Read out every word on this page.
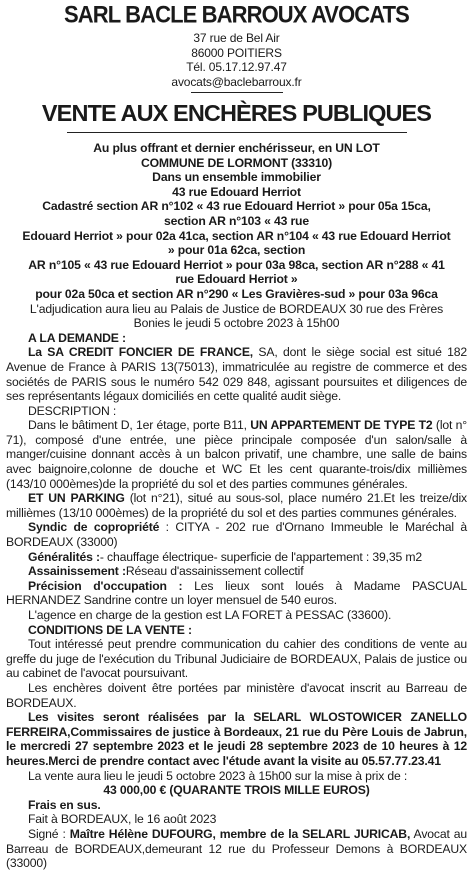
SARL BACLE BARROUX AVOCATS
37 rue de Bel Air
86000 POITIERS
Tél. 05.17.12.97.47
avocats@baclebarroux.fr
VENTE AUX ENCHÈRES PUBLIQUES
Au plus offrant et dernier enchérisseur, en UN LOT
COMMUNE DE LORMONT (33310)
Dans un ensemble immobilier
43 rue Edouard Herriot
Cadastré section AR n°102 « 43 rue Edouard Herriot » pour 05a 15ca,
section AR n°103 « 43 rue
Edouard Herriot » pour 02a 41ca, section AR n°104 « 43 rue Edouard Herriot
» pour 01a 62ca, section
AR n°105 « 43 rue Edouard Herriot » pour 03a 98ca, section AR n°288 « 41
rue Edouard Herriot »
pour 02a 50ca et section AR n°290 « Les Gravières-sud » pour 03a 96ca
L'adjudication aura lieu au Palais de Justice de BORDEAUX 30 rue des Frères
Bonies le jeudi 5 octobre 2023 à 15h00

A LA DEMANDE :

La SA CREDIT FONCIER DE FRANCE, SA, dont le siège social est situé 182 Avenue de France à PARIS 13(75013), immatriculée au registre de commerce et des sociétés de PARIS sous le numéro 542 029 848, agissant poursuites et diligences de ses représentants légaux domiciliés en cette qualité audit siège.

DESCRIPTION :

Dans le bâtiment D, 1er étage, porte B11, UN APPARTEMENT DE TYPE T2 (lot n° 71), composé d'une entrée, une pièce principale composée d'un salon/salle à manger/cuisine donnant accès à un balcon privatif, une chambre, une salle de bains avec baignoire,colonne de douche et WC Et les cent quarante-trois/dix millièmes (143/10 000èmes)de la propriété du sol et des parties communes générales.

ET UN PARKING (lot n°21), situé au sous-sol, place numéro 21.Et les treize/dix millièmes (13/10 000èmes) de la propriété du sol et des parties communes générales.

Syndic de copropriété : CITYA - 202 rue d'Ornano Immeuble le Maréchal à BORDEAUX (33000)

Généralités :- chauffage électrique- superficie de l'appartement : 39,35 m2

Assainissement :Réseau d'assainissement collectif

Précision d'occupation : Les lieux sont loués à Madame PASCUAL HERNANDEZ Sandrine contre un loyer mensuel de 540 euros.

L'agence en charge de la gestion est LA FORET à PESSAC (33600).

CONDITIONS DE LA VENTE :

Tout intéressé peut prendre communication du cahier des conditions de vente au greffe du juge de l'exécution du Tribunal Judiciaire de BORDEAUX, Palais de justice ou au cabinet de l'avocat poursuivant.

Les enchères doivent être portées par ministère d'avocat inscrit au Barreau de BORDEAUX.

Les visites seront réalisées par la SELARL WLOSTOWICER ZANELLO FERREIRA,Commissaires de justice à Bordeaux, 21 rue du Père Louis de Jabrun, le mercredi 27 septembre 2023 et le jeudi 28 septembre 2023 de 10 heures à 12 heures.Merci de prendre contact avec l'étude avant la visite au 05.57.77.23.41

La vente aura lieu le jeudi 5 octobre 2023 à 15h00 sur la mise à prix de :

43 000,00 € (QUARANTE TROIS MILLE EUROS)

Frais en sus.

Fait à BORDEAUX, le 16 août 2023

Signé : Maître Hélène DUFOURG, membre de la SELARL JURICAB, Avocat au Barreau de BORDEAUX,demeurant 12 rue du Professeur Demons à BORDEAUX (33000)
